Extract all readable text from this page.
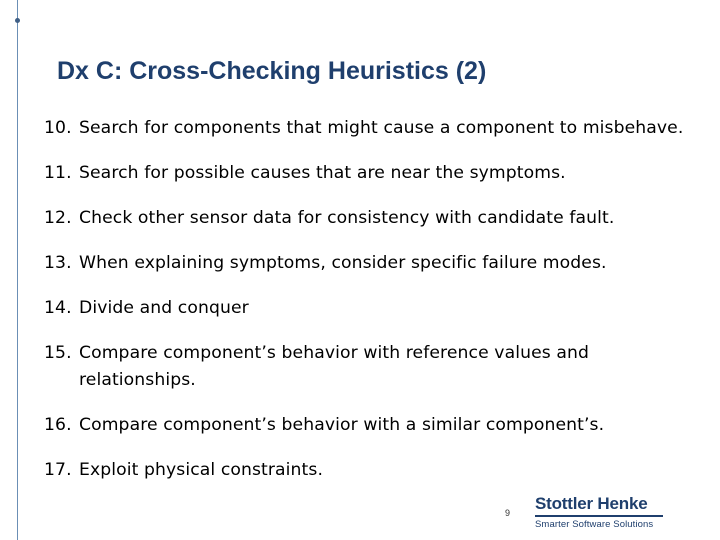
Dx C: Cross-Checking Heuristics (2)
10. Search for components that might cause a component to misbehave.
11. Search for possible causes that are near the symptoms.
12. Check other sensor data for consistency with candidate fault.
13. When explaining symptoms, consider specific failure modes.
14. Divide and conquer
15. Compare component’s behavior with reference values and relationships.
16. Compare component’s behavior with a similar component’s.
17. Exploit physical constraints.
9 Stottler Henke
Smarter Software Solutions
